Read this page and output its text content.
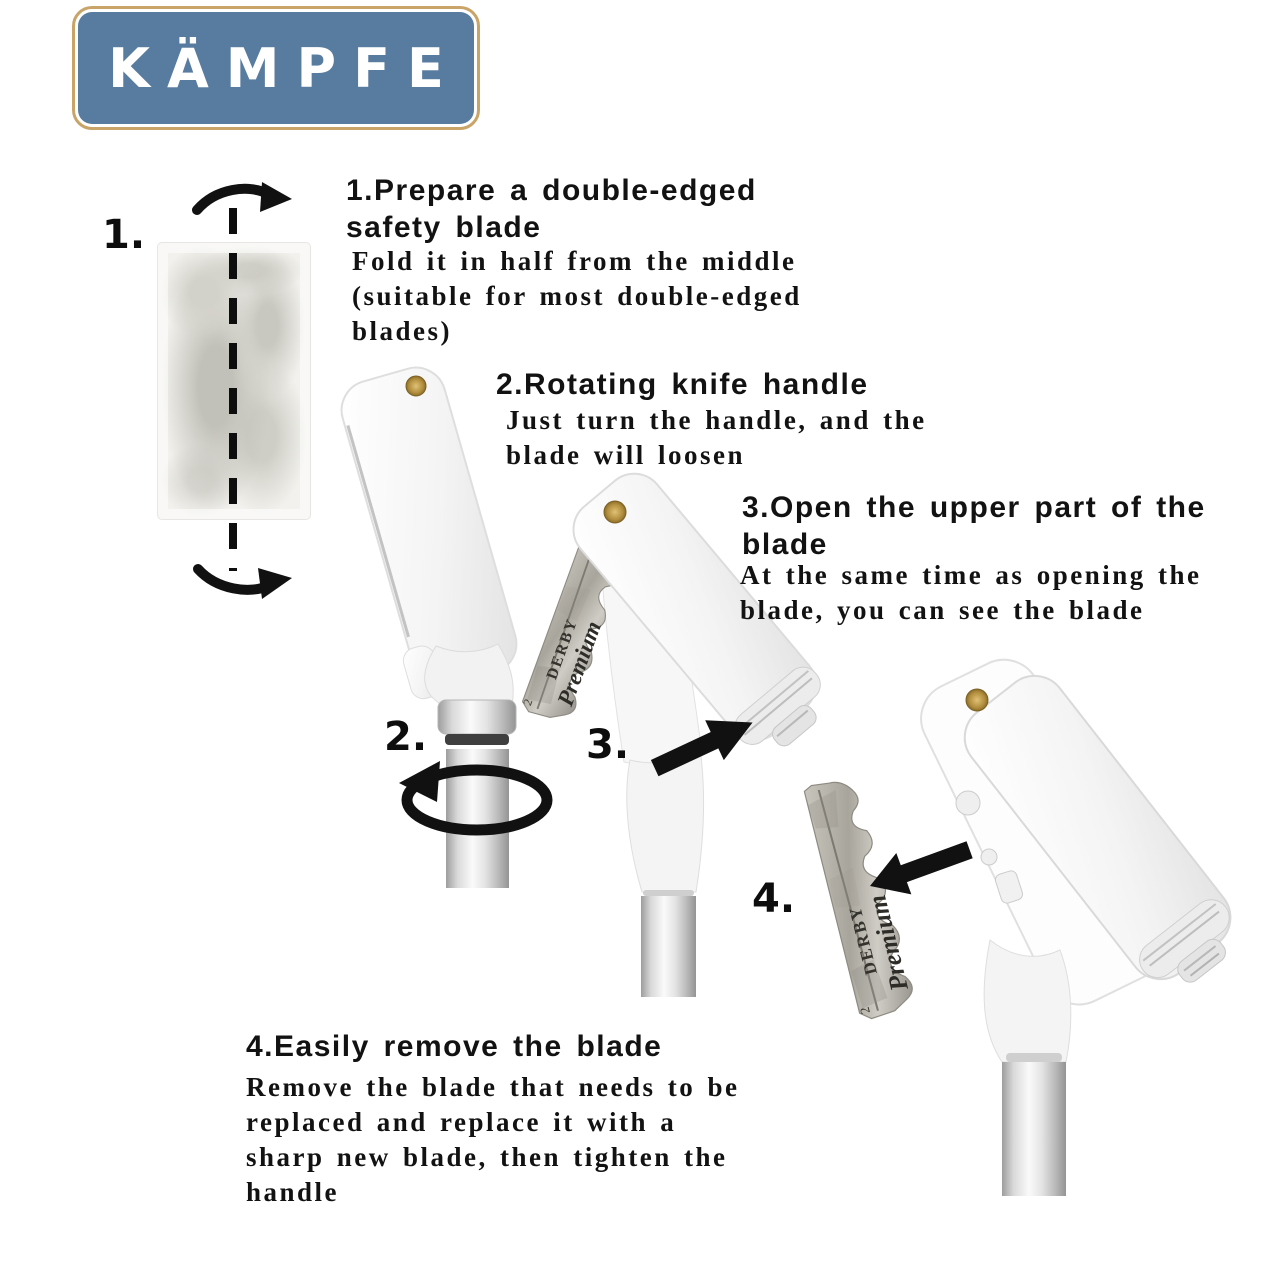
KÄMPFE
DERBY Premium
2 1.
1.Prepare a double-edged safety blade
Fold it in half from the middle (suitable for most double-edged blades)
2.
2.Rotating knife handle
Just turn the handle, and the blade will loosen
3.
3.Open the upper part of the blade
At the same time as opening the blade, you can see the blade
4.
4.Easily remove the blade
Remove the blade that needs to be replaced and replace it with a sharp new blade, then tighten the handle
